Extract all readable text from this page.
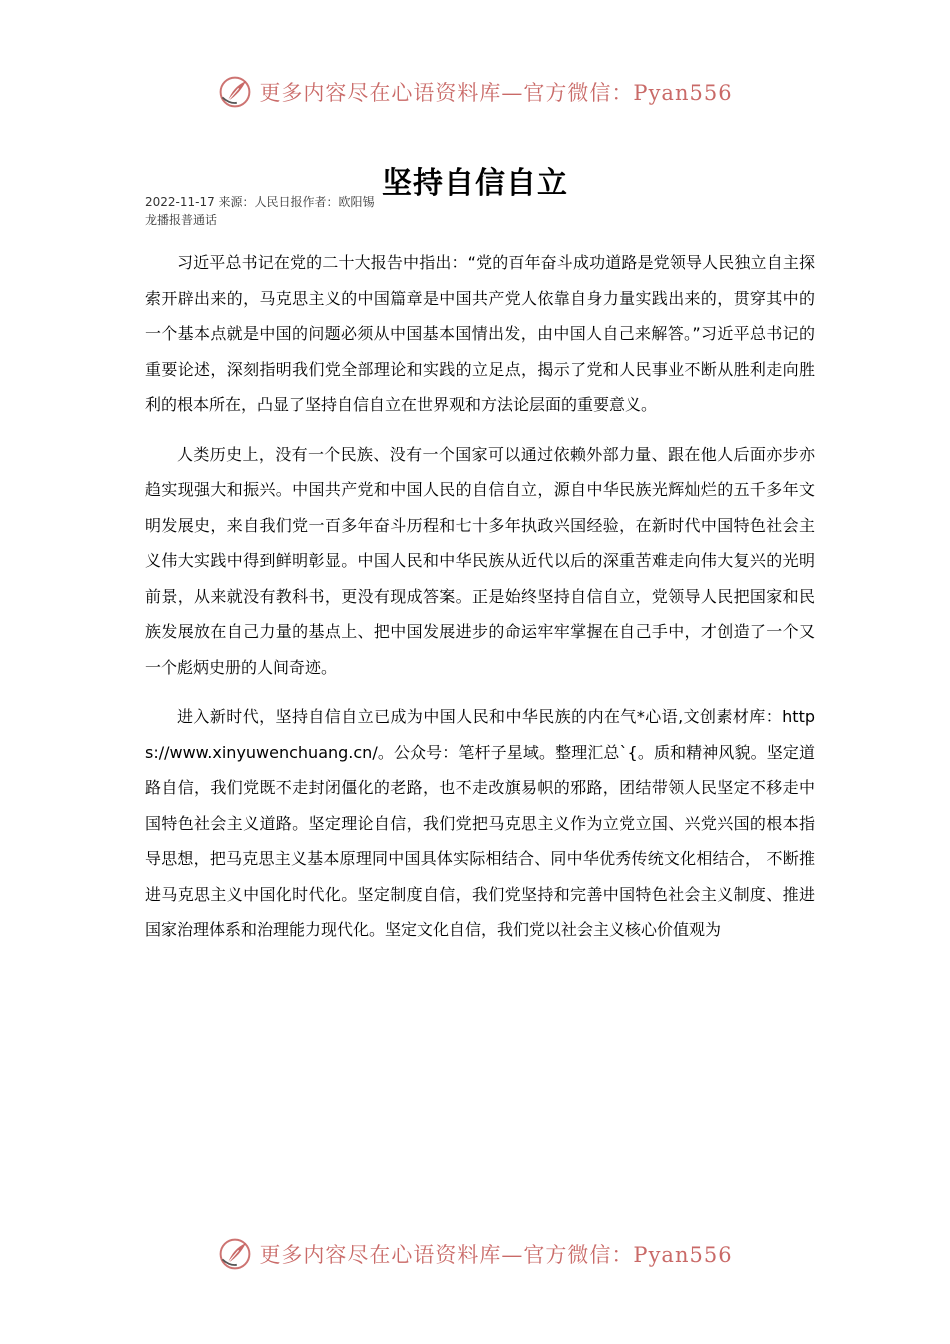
更多内容尽在心语资料库—官方微信：Pyan556
坚持自信自立
2022-11-17 来源：人民日报作者：欧阳锡
龙播报普通话

习近平总书记在党的二十大报告中指出：“党的百年奋斗成功道路是党领导人民独立自主探索开辟出来的，马克思主义的中国篇章是中国共产党人依靠自身力量实践出来的，贯穿其中的一个基本点就是中国的问题必须从中国基本国情出发，由中国人自己来解答。”习近平总书记的重要论述，深刻指明我们党全部理论和实践的立足点，揭示了党和人民事业不断从胜利走向胜利的根本所在，凸显了坚持自信自立在世界观和方法论层面的重要意义。

人类历史上，没有一个民族、没有一个国家可以通过依赖外部力量、跟在他人后面亦步亦趋实现强大和振兴。中国共产党和中国人民的自信自立，源自中华民族光辉灿烂的五千多年文明发展史，来自我们党一百多年奋斗历程和七十多年执政兴国经验，在新时代中国特色社会主义伟大实践中得到鲜明彰显。中国人民和中华民族从近代以后的深重苦难走向伟大复兴的光明前景，从来就没有教科书，更没有现成答案。正是始终坚持自信自立，党领导人民把国家和民族发展放在自己力量的基点上、把中国发展进步的命运牢牢掌握在自己手中，才创造了一个又一个彪炳史册的人间奇迹。

进入新时代，坚持自信自立已成为中国人民和中华民族的内在气*心语,文创素材库：https://www.xinyuwenchuang.cn/。公众号：笔杆子星域。整理汇总`{。质和精神风貌。坚定道路自信，我们党既不走封闭僵化的老路，也不走改旗易帜的邪路，团结带领人民坚定不移走中国特色社会主义道路。坚定理论自信，我们党把马克思主义作为立党立国、兴党兴国的根本指导思想，把马克思主义基本原理同中国具体实际相结合、同中华优秀传统文化相结合， 不断推进马克思主义中国化时代化。坚定制度自信，我们党坚持和完善中国特色社会主义制度、推进国家治理体系和治理能力现代化。坚定文化自信，我们党以社会主义核心价值观为

更多内容尽在心语资料库—官方微信：Pyan556
